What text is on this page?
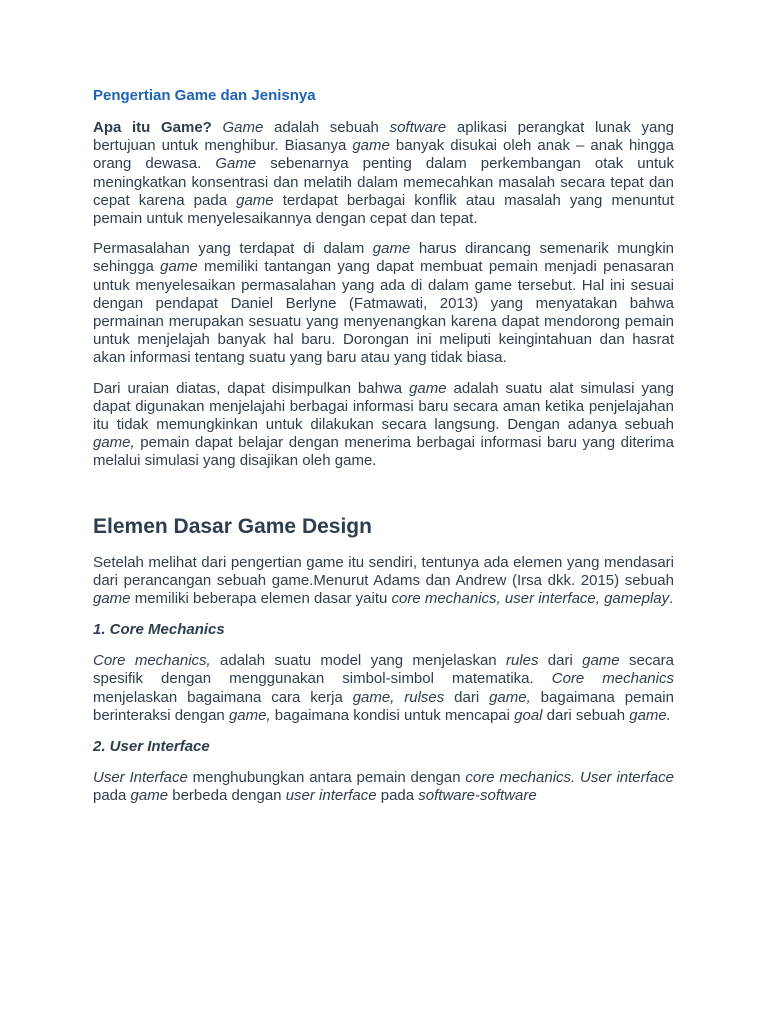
Pengertian Game dan Jenisnya

Apa itu Game? Game adalah sebuah software aplikasi perangkat lunak yang bertujuan untuk menghibur. Biasanya game banyak disukai oleh anak – anak hingga orang dewasa. Game sebenarnya penting dalam perkembangan otak untuk meningkatkan konsentrasi dan melatih dalam memecahkan masalah secara tepat dan cepat karena pada game terdapat berbagai konflik atau masalah yang menuntut pemain untuk menyelesaikannya dengan cepat dan tepat.

Permasalahan yang terdapat di dalam game harus dirancang semenarik mungkin sehingga game memiliki tantangan yang dapat membuat pemain menjadi penasaran untuk menyelesaikan permasalahan yang ada di dalam game tersebut. Hal ini sesuai dengan pendapat Daniel Berlyne (Fatmawati, 2013) yang menyatakan bahwa permainan merupakan sesuatu yang menyenangkan karena dapat mendorong pemain untuk menjelajah banyak hal baru. Dorongan ini meliputi keingintahuan dan hasrat akan informasi tentang suatu yang baru atau yang tidak biasa.

Dari uraian diatas, dapat disimpulkan bahwa game adalah suatu alat simulasi yang dapat digunakan menjelajahi berbagai informasi baru secara aman ketika penjelajahan itu tidak memungkinkan untuk dilakukan secara langsung. Dengan adanya sebuah game, pemain dapat belajar dengan menerima berbagai informasi baru yang diterima melalui simulasi yang disajikan oleh game.

Elemen Dasar Game Design

Setelah melihat dari pengertian game itu sendiri, tentunya ada elemen yang mendasari dari perancangan sebuah game.Menurut Adams dan Andrew (Irsa dkk. 2015) sebuah game memiliki beberapa elemen dasar yaitu core mechanics, user interface, gameplay.

1. Core Mechanics

Core mechanics, adalah suatu model yang menjelaskan rules dari game secara spesifik dengan menggunakan simbol-simbol matematika. Core mechanics menjelaskan bagaimana cara kerja game, rulses dari game, bagaimana pemain berinteraksi dengan game, bagaimana kondisi untuk mencapai goal dari sebuah game.

2. User Interface

User Interface menghubungkan antara pemain dengan core mechanics. User interface pada game berbeda dengan user interface pada software-software
